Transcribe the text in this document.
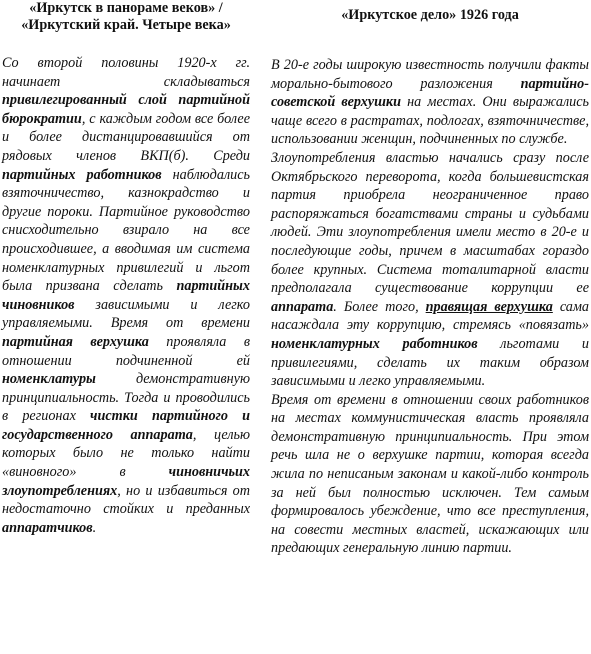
«Иркутск в панораме веков» /
«Иркутский край. Четыре века»

Со второй половины 1920-х гг. начинает складываться привилегированный слой партийной бюрократии, с каждым годом все более и более дистанцировавшийся от рядовых членов ВКП(б). Среди партийных работников наблюдались взяточничество, казнокрадство и другие пороки. Партийное руководство снисходительно взирало на все происходившее, а вводимая им система номенклатурных привилегий и льгот была призвана сделать партийных чиновников зависимыми и легко управляемыми. Время от времени партийная верхушка проявляла в отношении подчиненной ей номенклатуры демонстративную принципиальность. Тогда и проводились в регионах чистки партийного и государственного аппарата, целью которых было не только найти «виновного» в чиновничьих злоупотреблениях, но и избавиться от недостаточно стойких и преданных аппаратчиков.

«Иркутское дело» 1926 года

В 20-е годы широкую известность получили факты морально-бытового разложения партийно-советской верхушки на местах. Они выражались чаще всего в растратах, подлогах, взяточничестве, использовании женщин, подчиненных по службе.

Злоупотребления властью начались сразу после Октябрьского переворота, когда большевистская партия приобрела неограниченное право распоряжаться богатствами страны и судьбами людей. Эти злоупотребления имели место в 20-е и последующие годы, причем в масштабах гораздо более крупных. Система тоталитарной власти предполагала существование коррупции ее аппарата. Более того, правящая верхушка сама насаждала эту коррупцию, стремясь «повязать» номенклатурных работников льготами и привилегиями, сделать их таким образом зависимыми и легко управляемыми.

Время от времени в отношении своих работников на местах коммунистическая власть проявляла демонстративную принципиальность. При этом речь шла не о верхушке партии, которая всегда жила по неписаным законам и какой-либо контроль за ней был полностью исключен. Тем самым формировалось убеждение, что все преступления, на совести местных властей, искажающих или предающих генеральную линию партии.
